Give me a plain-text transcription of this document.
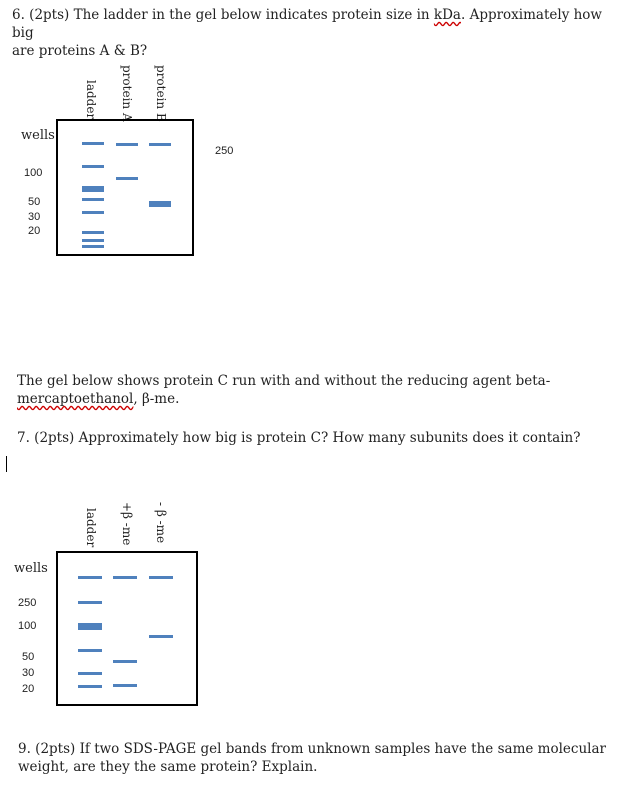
6. (2pts) The ladder in the gel below indicates protein size in kDa. Approximately how big
are proteins A & B?
ladder protein A protein B
wells
100
50
30
20
250
The gel below shows protein C run with and without the reducing agent beta-
mercaptoethanol, β-me.
7. (2pts) Approximately how big is protein C? How many subunits does it contain?
ladder +β -me - β -me
wells
250
100
50
30
20
9. (2pts) If two SDS-PAGE gel bands from unknown samples have the same molecular
weight, are they the same protein? Explain.
